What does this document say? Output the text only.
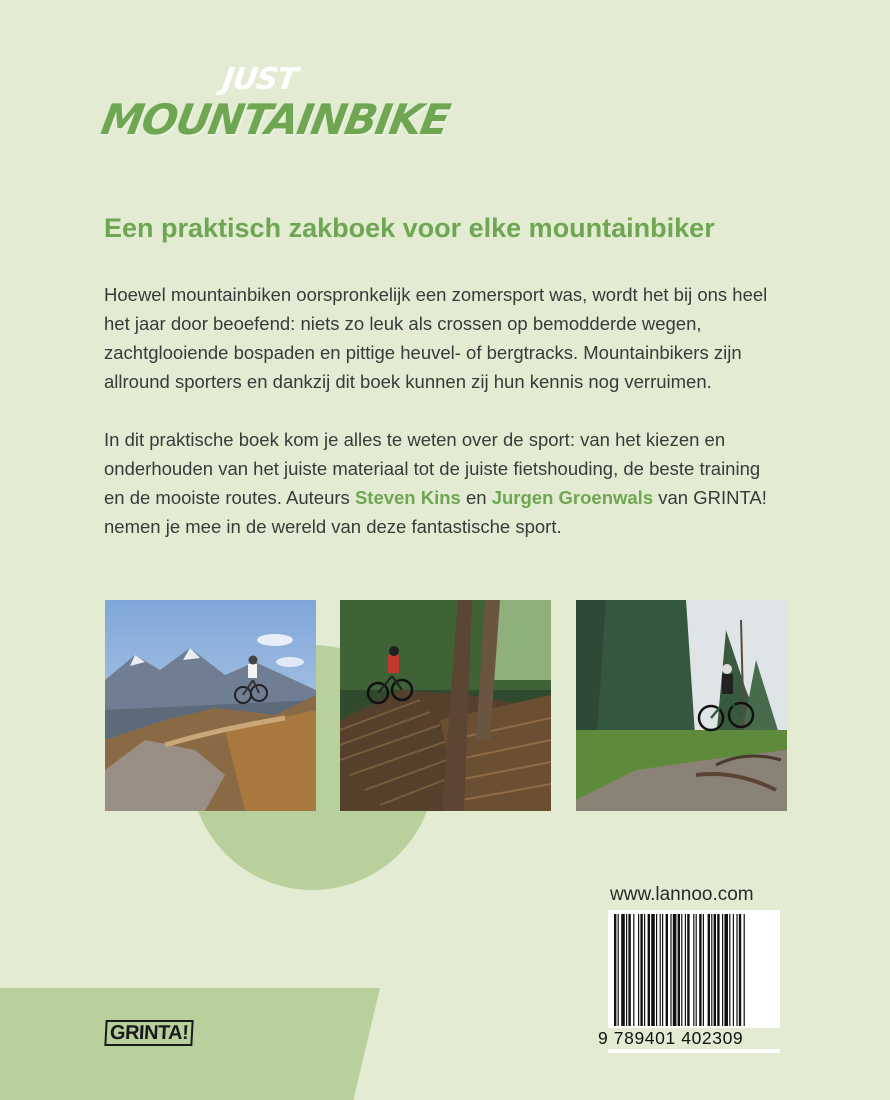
JUST
MOUNTAINBIKE
Een praktisch zakboek voor elke mountainbiker

Hoewel mountainbiken oorspronkelijk een zomersport was, wordt het bij ons heel het jaar door beoefend: niets zo leuk als crossen op bemodderde wegen, zachtglooiende bospaden en pittige heuvel- of bergtracks. Mountainbikers zijn allround sporters en dankzij dit boek kunnen zij hun kennis nog verruimen.

In dit praktische boek kom je alles te weten over de sport: van het kiezen en onderhouden van het juiste materiaal tot de juiste fietshouding, de beste training en de mooiste routes. Auteurs Steven Kins en Jurgen Groenwals van GRINTA! nemen je mee in de wereld van deze fantastische sport.

www.lannoo.com
9 789401 402309
GRINTA!
